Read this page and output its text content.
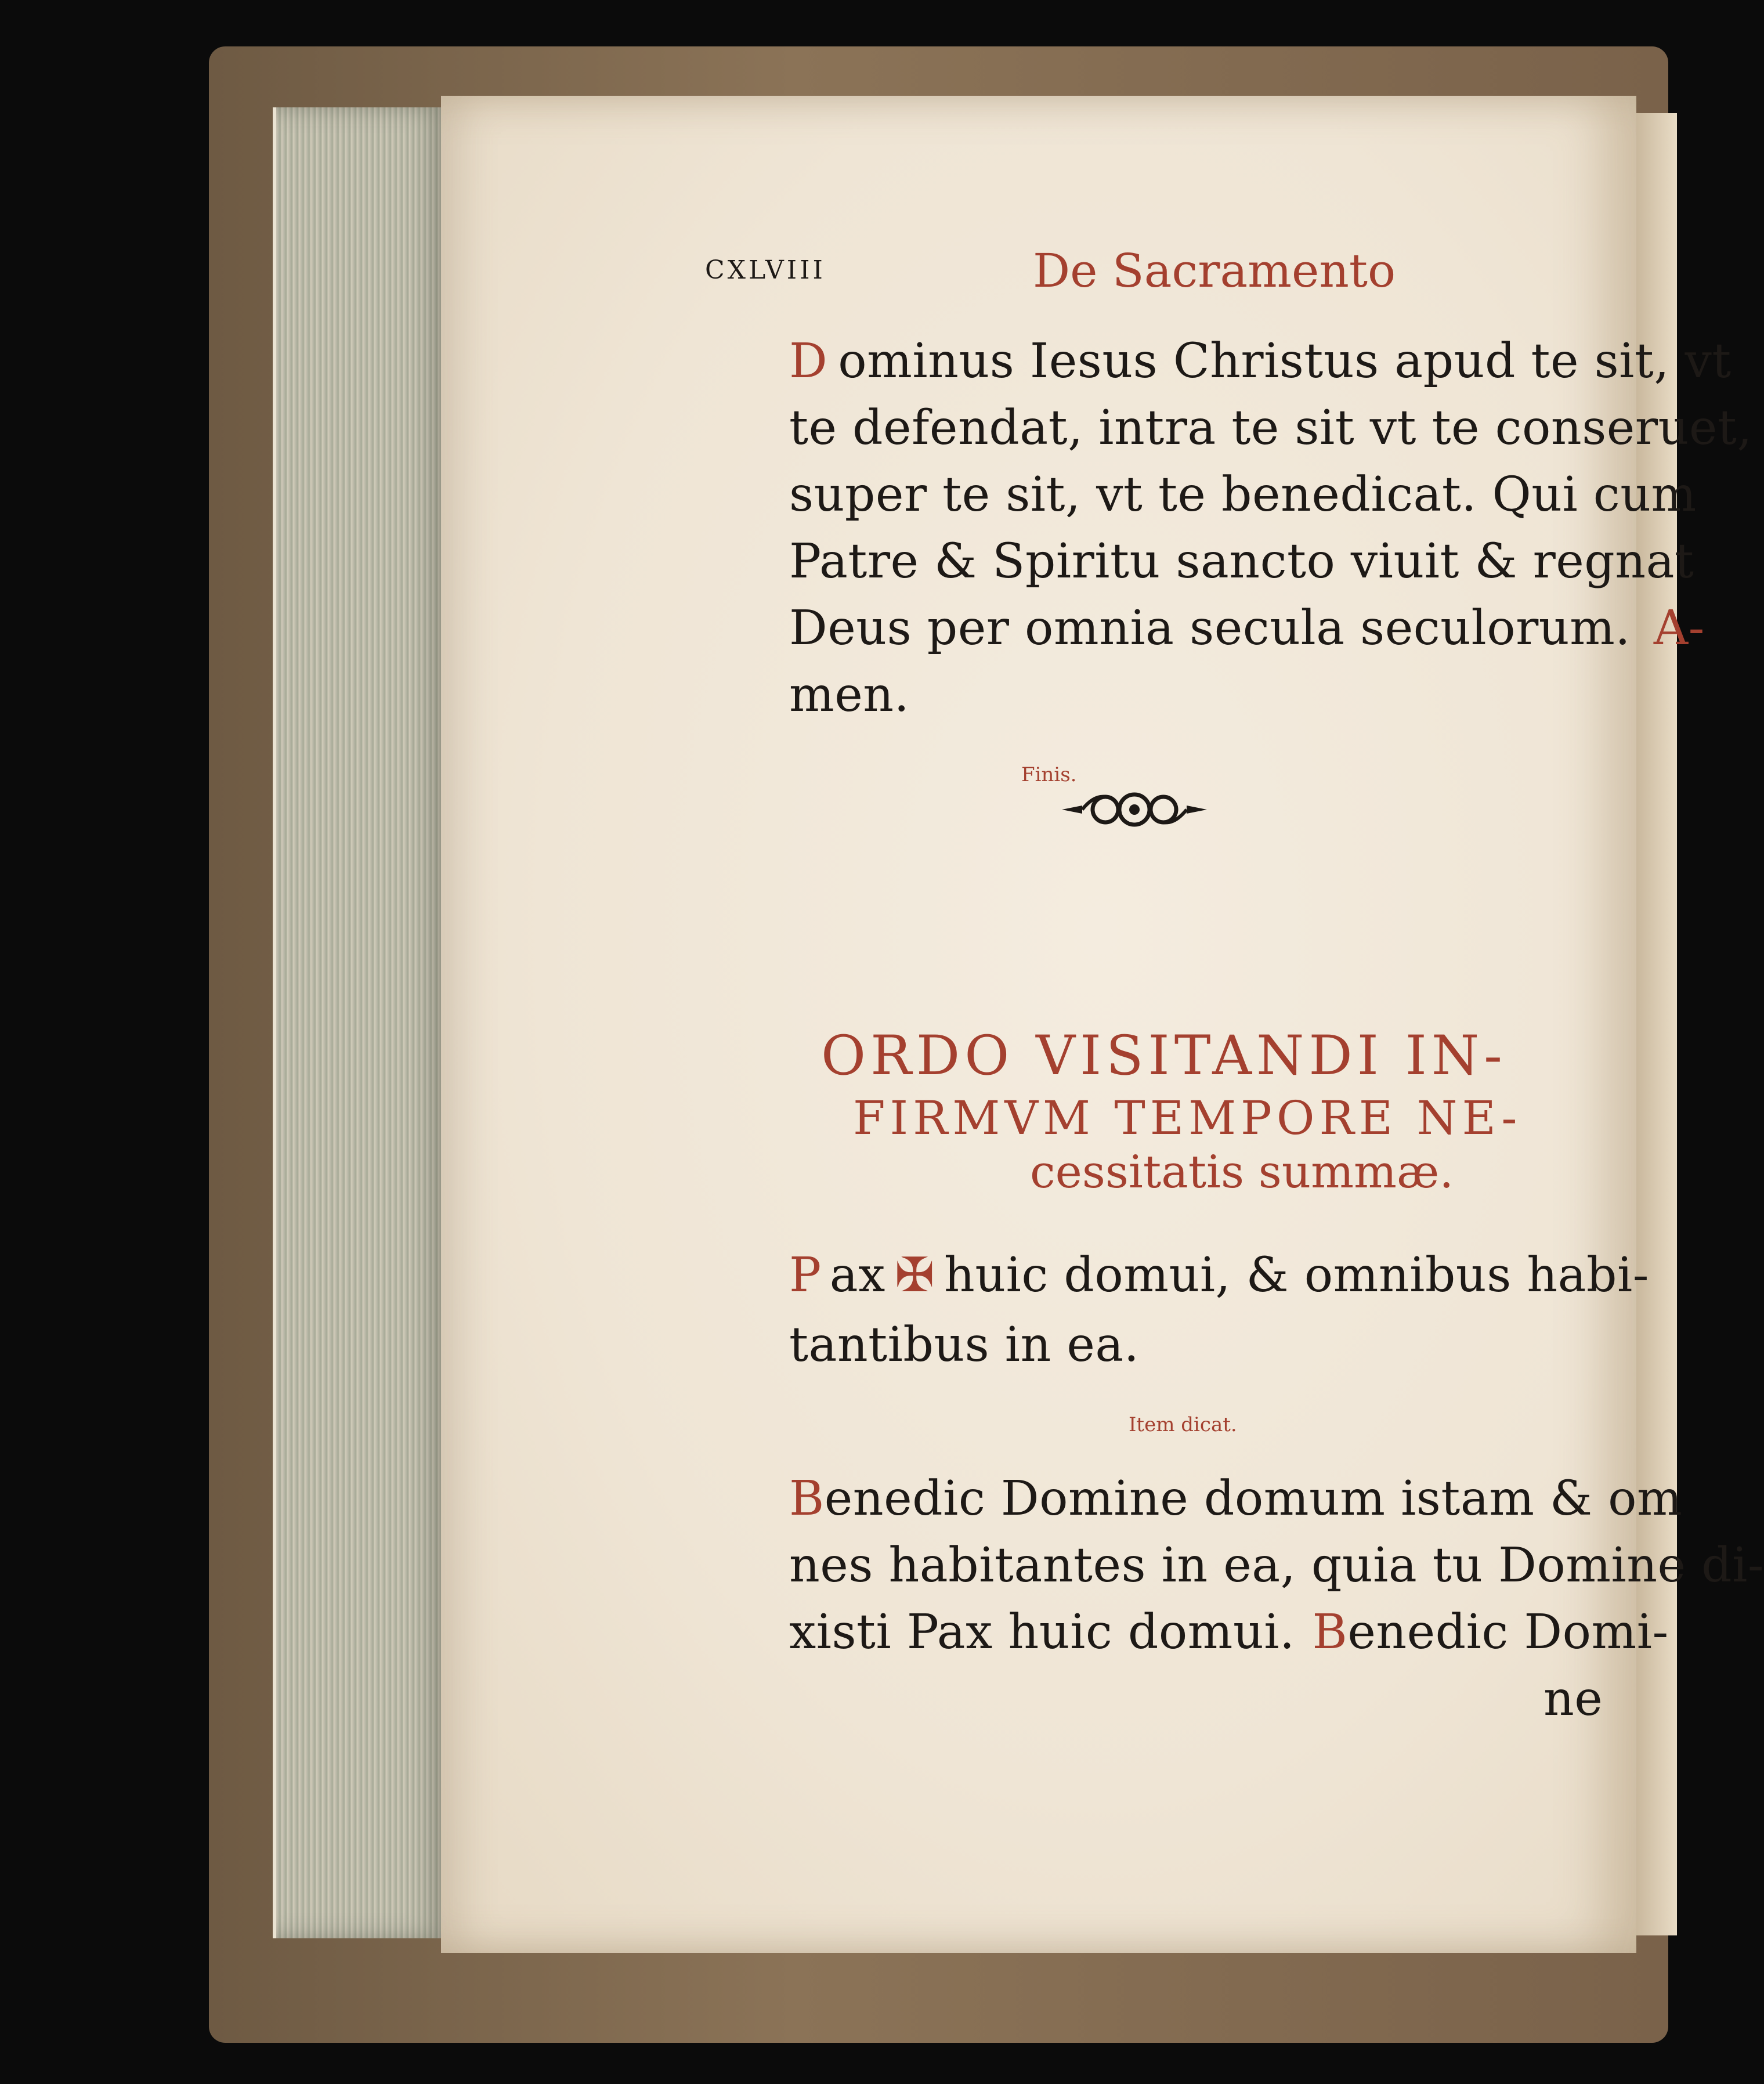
CXLVIII	De Sacramento
D ominus Iesus Christus apud te sit, vt
te defendat, intra te sit vt te conseruet,
super te sit, vt te benedicat. Qui cum
Patre & Spiritu sancto viuit & regnat
Deus per omnia secula seculorum. A-
men.
Finis.
ORDO VISITANDI IN-
FIRMVM TEMPORE NE-
cessitatis summæ.
P ax ✠ huic domui, & omnibus habi-
tantibus in ea.
Item dicat.
Benedic Domine domum istam & om
nes habitantes in ea, quia tu Domine di-
xisti Pax huic domui. Benedic Domi-
ne
